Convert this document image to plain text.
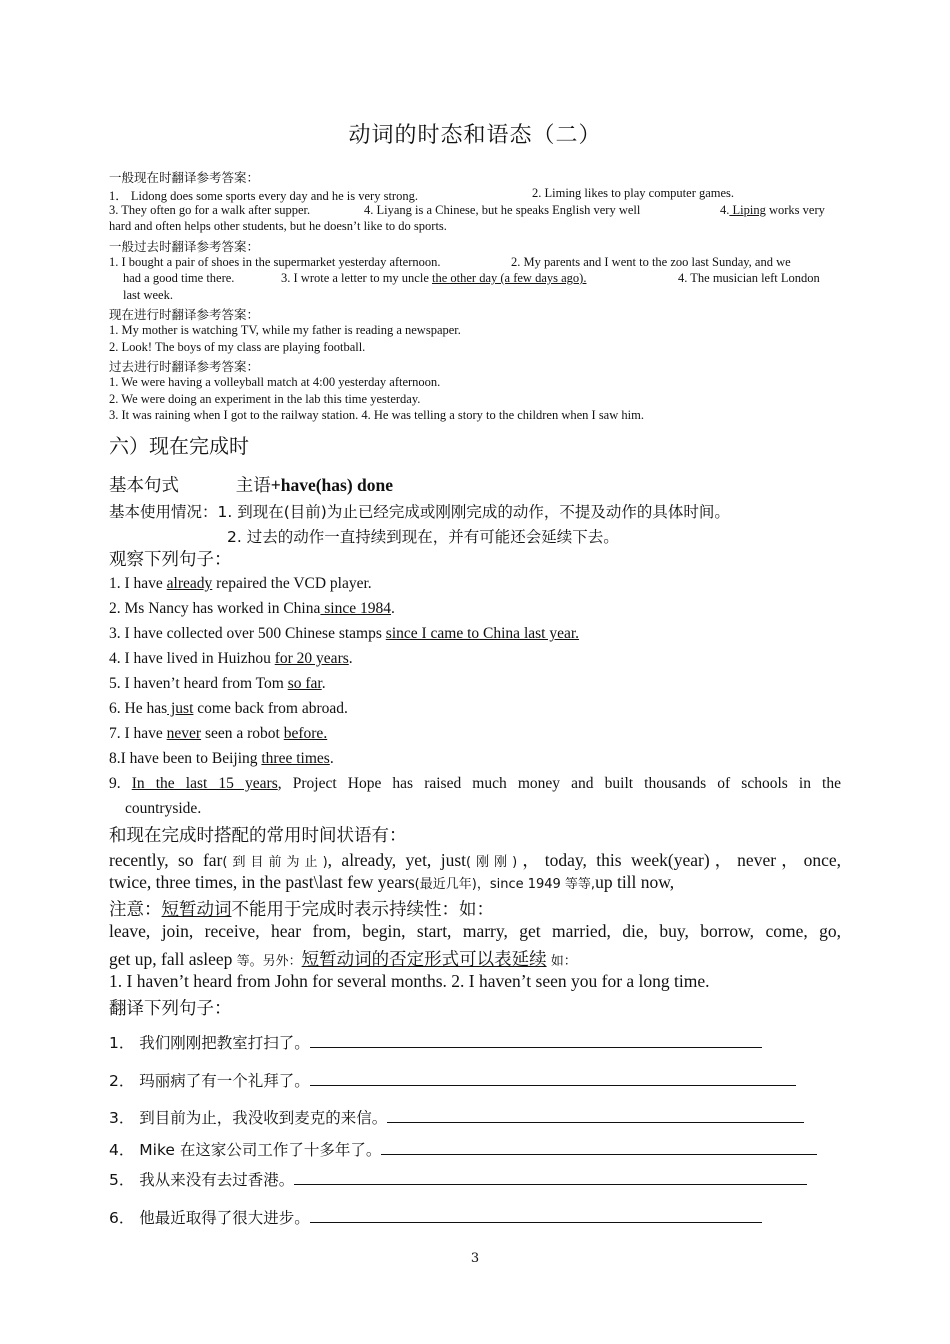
动词的时态和语态（二）
一般现在时翻译参考答案：
1． Lidong does some sports every day and he is very strong.	2. Liming likes to play computer games.
3. They often go for a walk after supper.	4. Liyang is a Chinese, but he speaks English very well	4. Liping works very
hard and often helps other students, but he doesn’t like to do sports.
一般过去时翻译参考答案：
1. I bought a pair of shoes in the supermarket yesterday afternoon.	2. My parents and I went to the zoo last Sunday, and we
had a good time there.	3. I wrote a letter to my uncle the other day (a few days ago).	4. The musician left London
last week.
现在进行时翻译参考答案：
1. My mother is watching TV, while my father is reading a newspaper.
2. Look! The boys of my class are playing football.
过去进行时翻译参考答案：
1. We were having a volleyball match at 4:00 yesterday afternoon.
2. We were doing an experiment in the lab this time yesterday.
3. It was raining when I got to the railway station. 4. He was telling a story to the children when I saw him.
六）现在完成时
基本句式	主语+have(has) done
基本使用情况：1. 到现在(目前)为止已经完成或刚刚完成的动作，不提及动作的具体时间。
2. 过去的动作一直持续到现在，并有可能还会延续下去。
观察下列句子：
1. I have already repaired the VCD player.
2. Ms Nancy has worked in China since 1984.
3. I have collected over 500 Chinese stamps since I came to China last year.
4. I have lived in Huizhou for 20 years.
5. I haven’t heard from Tom so far.
6. He has just come back from abroad.
7. I have never seen a robot before.
8.I have been to Beijing three times.
9. In the last 15 years, Project Hope has raised much money and built thousands of schools in the
countryside.
和现在完成时搭配的常用时间状语有：
recently, so far(到目前为止), already, yet, just(刚刚)，today, this week(year)，never，once,
twice, three times, in the past\last few years(最近几年)，since 1949 等等,up till now,
注意：短暂动词不能用于完成时表示持续性：如：
leave, join, receive, hear from, begin, start, marry, get married, die, buy, borrow, come, go,
get up, fall asleep 等。另外：短暂动词的否定形式可以表延续 如：
1. I haven’t heard from John for several months. 2. I haven’t seen you for a long time.
翻译下列句子：
1． 我们刚刚把教室打扫了。
2． 玛丽病了有一个礼拜了。
3． 到目前为止，我没收到麦克的来信。
4． Mike 在这家公司工作了十多年了。
5． 我从来没有去过香港。
6． 他最近取得了很大进步。
3
